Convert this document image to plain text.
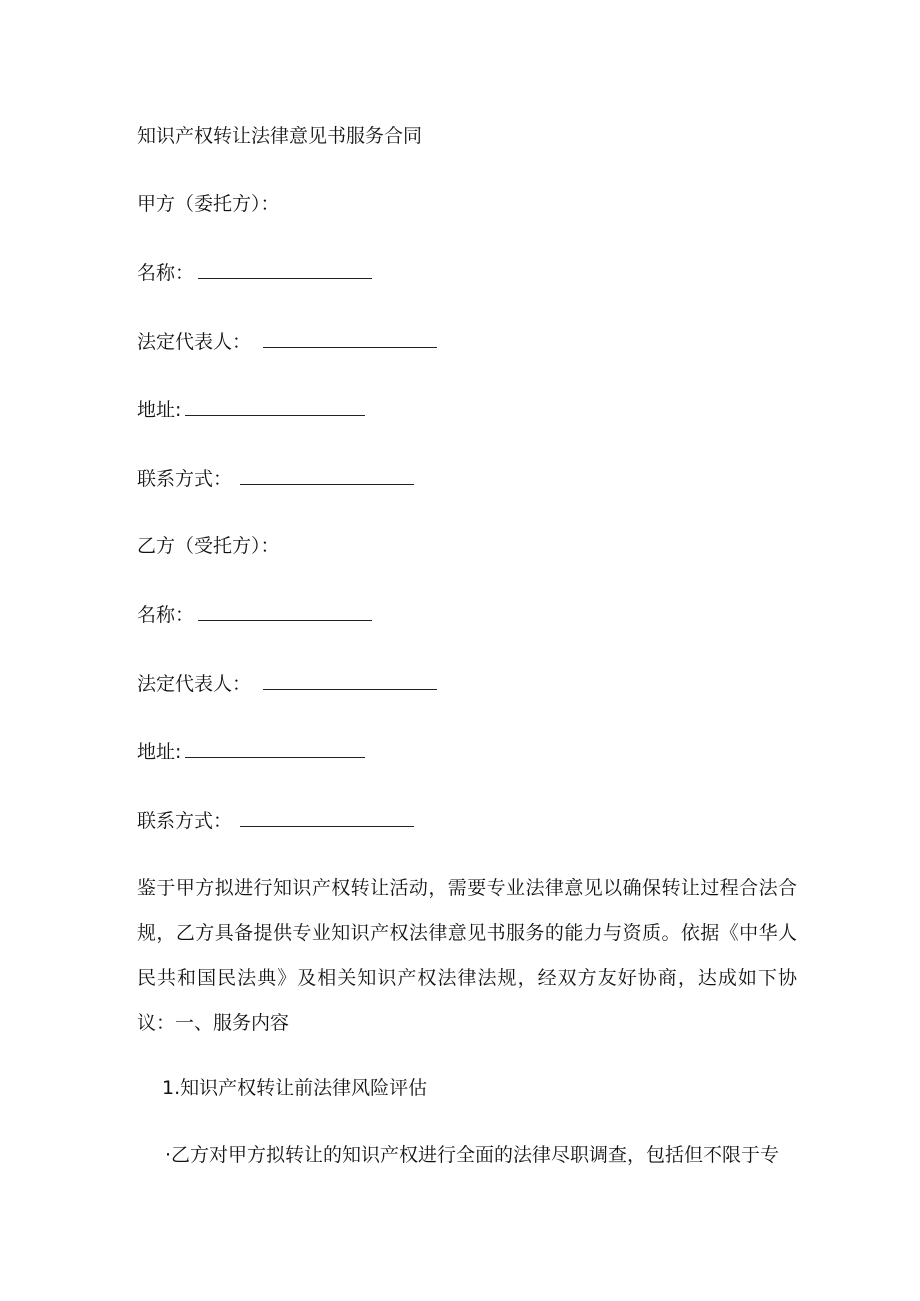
知识产权转让法律意见书服务合同
甲方（委托方）：
名称：
法定代表人：
地址:
联系方式：
乙方（受托方）：
名称：
法定代表人：
地址:
联系方式：
鉴于甲方拟进行知识产权转让活动，需要专业法律意见以确保转让过程合法合规，乙方具备提供专业知识产权法律意见书服务的能力与资质。依据《中华人民共和国民法典》及相关知识产权法律法规，经双方友好协商，达成如下协议：一、服务内容
1.知识产权转让前法律风险评估
·乙方对甲方拟转让的知识产权进行全面的法律尽职调查，包括但不限于专
